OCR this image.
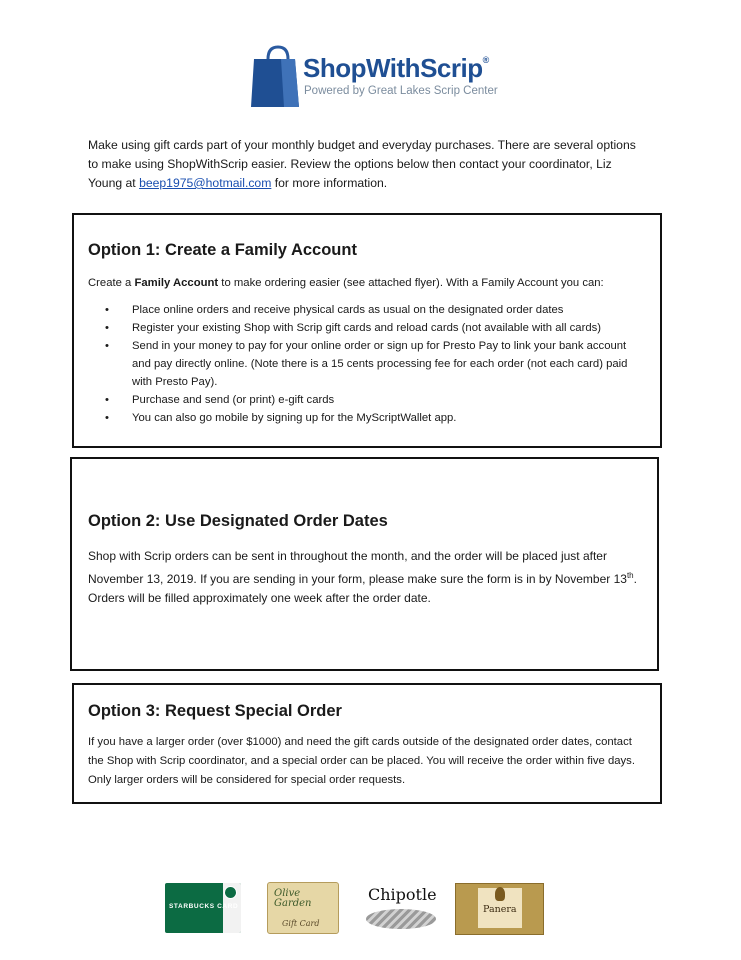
ShopWithScrip®
Powered by Great Lakes Scrip Center

Make using gift cards part of your monthly budget and everyday purchases. There are several options to make using ShopWithScrip easier. Review the options below then contact your coordinator, Liz Young at beep1975@hotmail.com for more information.

Option 1: Create a Family Account
Create a Family Account to make ordering easier (see attached flyer). With a Family Account you can:
• Place online orders and receive physical cards as usual on the designated order dates
• Register your existing Shop with Scrip gift cards and reload cards (not available with all cards)
• Send in your money to pay for your online order or sign up for Presto Pay to link your bank account and pay directly online. (Note there is a 15 cents processing fee for each order (not each card) paid with Presto Pay).
• Purchase and send (or print) e-gift cards
• You can also go mobile by signing up for the MyScriptWallet app.
Option 2: Use Designated Order Dates

Shop with Scrip orders can be sent in throughout the month, and the order will be placed just after November 13, 2019. If you are sending in your form, please make sure the form is in by November 13th. Orders will be filled approximately one week after the order date.

Option 3: Request Special Order

If you have a larger order (over $1000) and need the gift cards outside of the designated order dates, contact the Shop with Scrip coordinator, and a special order can be placed. You will receive the order within five days. Only larger orders will be considered for special order requests.

STARBUCKS CARD
Olive Garden
Gift Card
Chipotle
Panera
